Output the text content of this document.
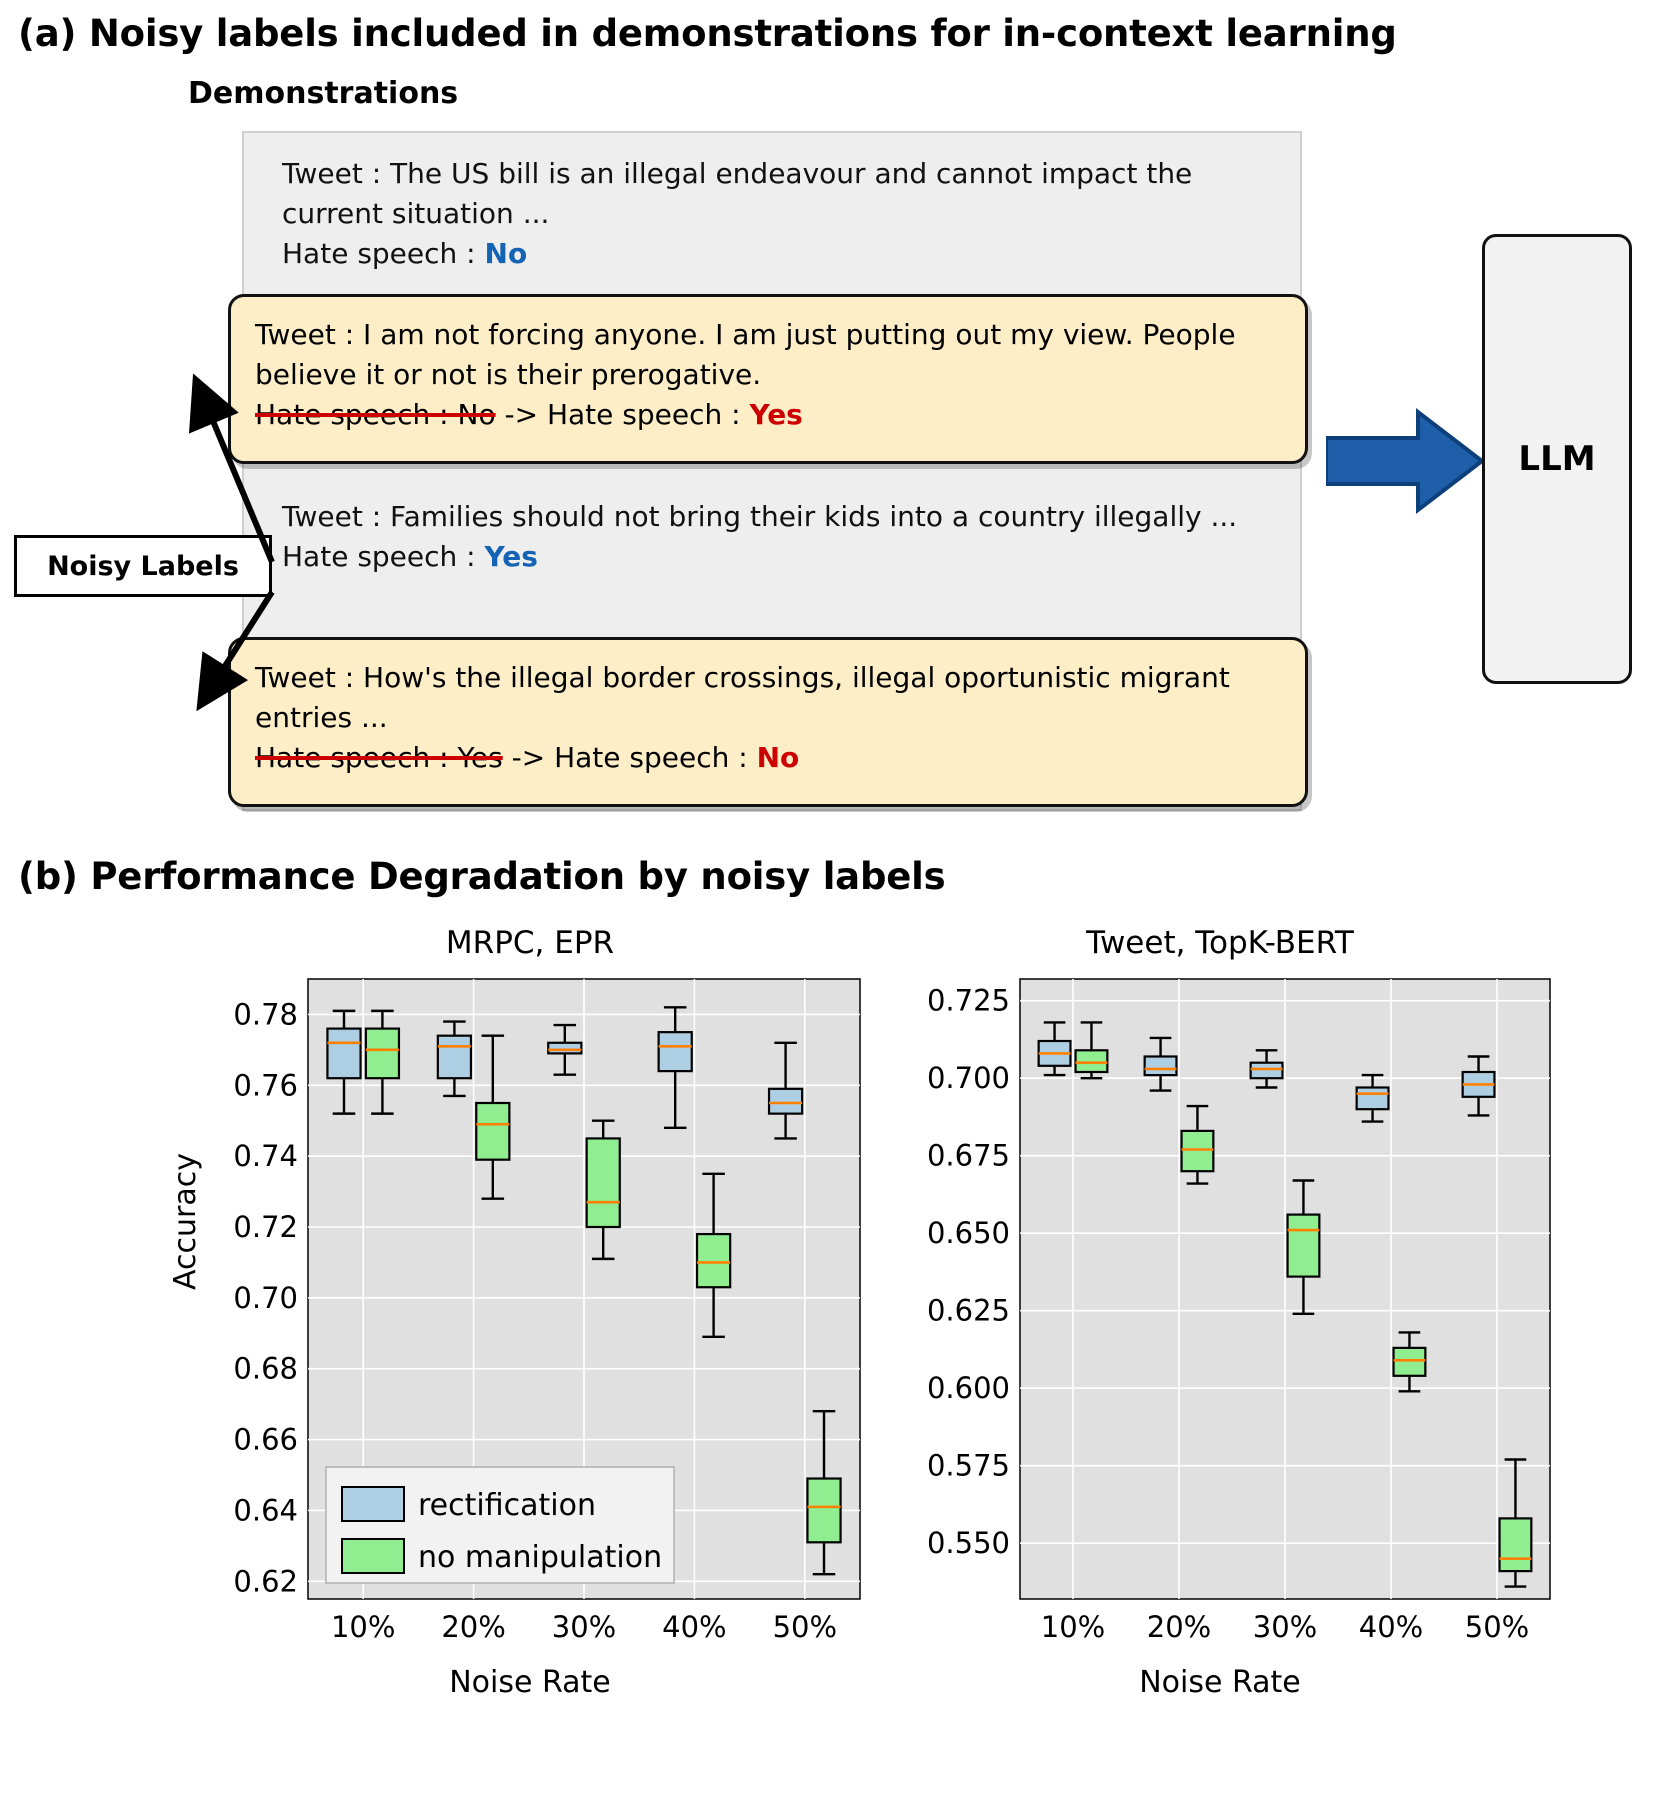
(a) Noisy labels included in demonstrations for in-context learning
Demonstrations
Tweet : The US bill is an illegal endeavour and cannot impact the current situation ...
Hate speech : No
Tweet : Families should not bring their kids into a country illegally ...
Hate speech : Yes
Tweet : I am not forcing anyone. I am just putting out my view. People believe it or not is their prerogative.
Hate speech : No -> Hate speech : Yes
Tweet : How's the illegal border crossings, illegal oportunistic migrant entries ...
Hate speech : Yes -> Hate speech : No
Noisy Labels
LLM
(b) Performance Degradation by noisy labels
Accuracy
MRPC, EPR
0.62
0.64
0.66
0.68
0.70
0.72
0.74
0.76
0.78
10% 20% 30% 40% 50%
rectification
no manipulation
Noise Rate
Tweet, TopK-BERT
0.550
0.575
0.600
0.625
0.650
0.675
0.700
0.725
10% 20% 30% 40% 50%
Noise Rate
